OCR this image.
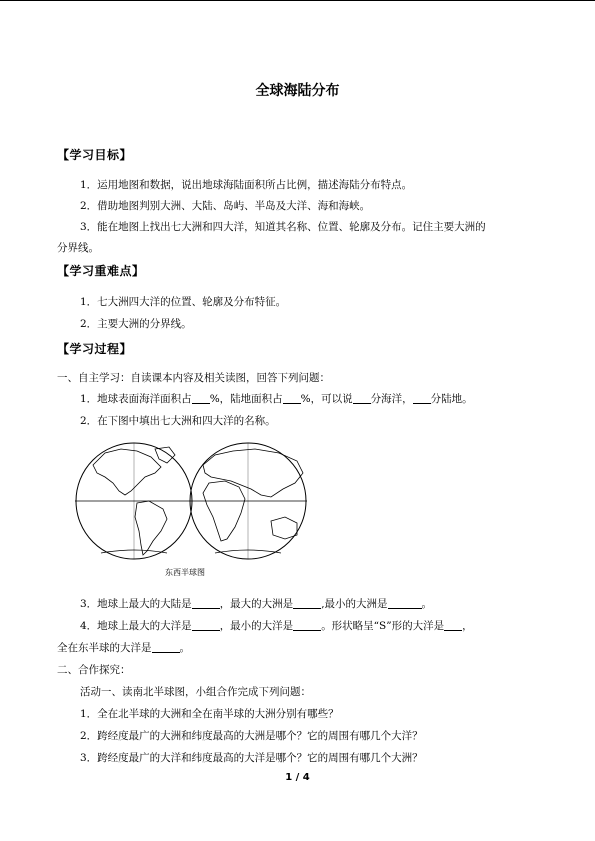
全球海陆分布
【学习目标】
1．运用地图和数据，说出地球海陆面积所占比例，描述海陆分布特点。
2．借助地图判别大洲、大陆、岛屿、半岛及大洋、海和海峡。
3．能在地图上找出七大洲和四大洋，知道其名称、位置、轮廓及分布。记住主要大洲的
分界线。
【学习重难点】
1．七大洲四大洋的位置、轮廓及分布特征。
2．主要大洲的分界线。
【学习过程】
一、自主学习：自读课本内容及相关读图，回答下列问题：
1．地球表面海洋面积占 %，陆地面积占 %，可以说 分海洋， 分陆地。
2．在下图中填出七大洲和四大洋的名称。
东西半球图
3．地球上最大的大陆是	，最大的大洲是	,最小的大洲是	。
4．地球上最大的大洋是	，最小的大洋是	。形状略呈“S”形的大洋是 ，
全在东半球的大洋是	。
二、合作探究：
活动一、读南北半球图，小组合作完成下列问题：
1．全在北半球的大洲和全在南半球的大洲分别有哪些？
2．跨经度最广的大洲和纬度最高的大洲是哪个？它的周围有哪几个大洋？
3．跨经度最广的大洋和纬度最高的大洋是哪个？它的周围有哪几个大洲？
1 / 4
